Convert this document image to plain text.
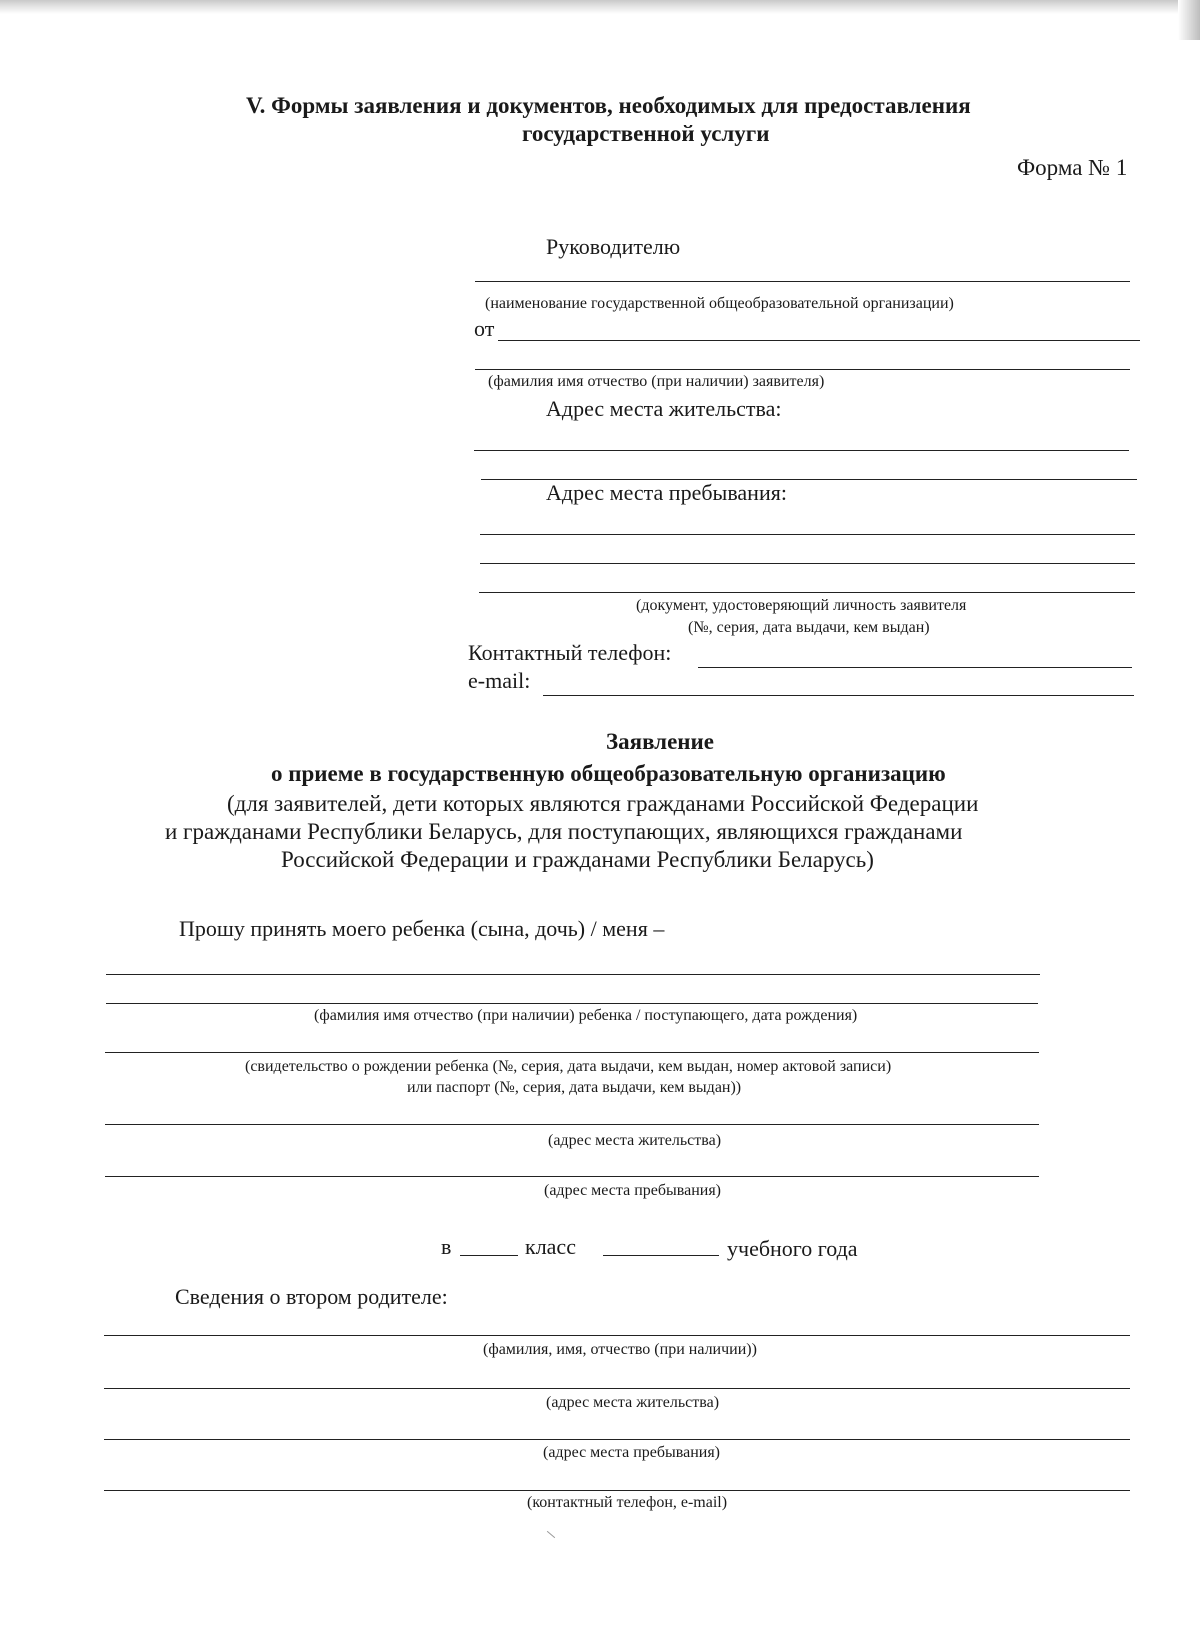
V. Формы заявления и документов, необходимых для предоставления
государственной услуги
Форма № 1
Руководителю
(наименование государственной общеобразовательной организации)
от
(фамилия имя отчество (при наличии) заявителя)
Адрес места жительства:
Адрес места пребывания:
(документ, удостоверяющий личность заявителя
(№, серия, дата выдачи, кем выдан)
Контактный телефон:
e-mail:
Заявление
о приеме в государственную общеобразовательную организацию
(для заявителей, дети которых являются гражданами Российской Федерации
и гражданами Республики Беларусь, для поступающих, являющихся гражданами
Российской Федерации и гражданами Республики Беларусь)
Прошу принять моего ребенка (сына, дочь) / меня –
(фамилия имя отчество (при наличии) ребенка / поступающего, дата рождения)
(свидетельство о рождении ребенка (№, серия, дата выдачи, кем выдан, номер актовой записи)
или паспорт (№, серия, дата выдачи, кем выдан))
(адрес места жительства)
(адрес места пребывания)
в	класс	учебного года
Сведения о втором родителе:
(фамилия, имя, отчество (при наличии))
(адрес места жительства)
(адрес места пребывания)
(контактный телефон, e-mail)
